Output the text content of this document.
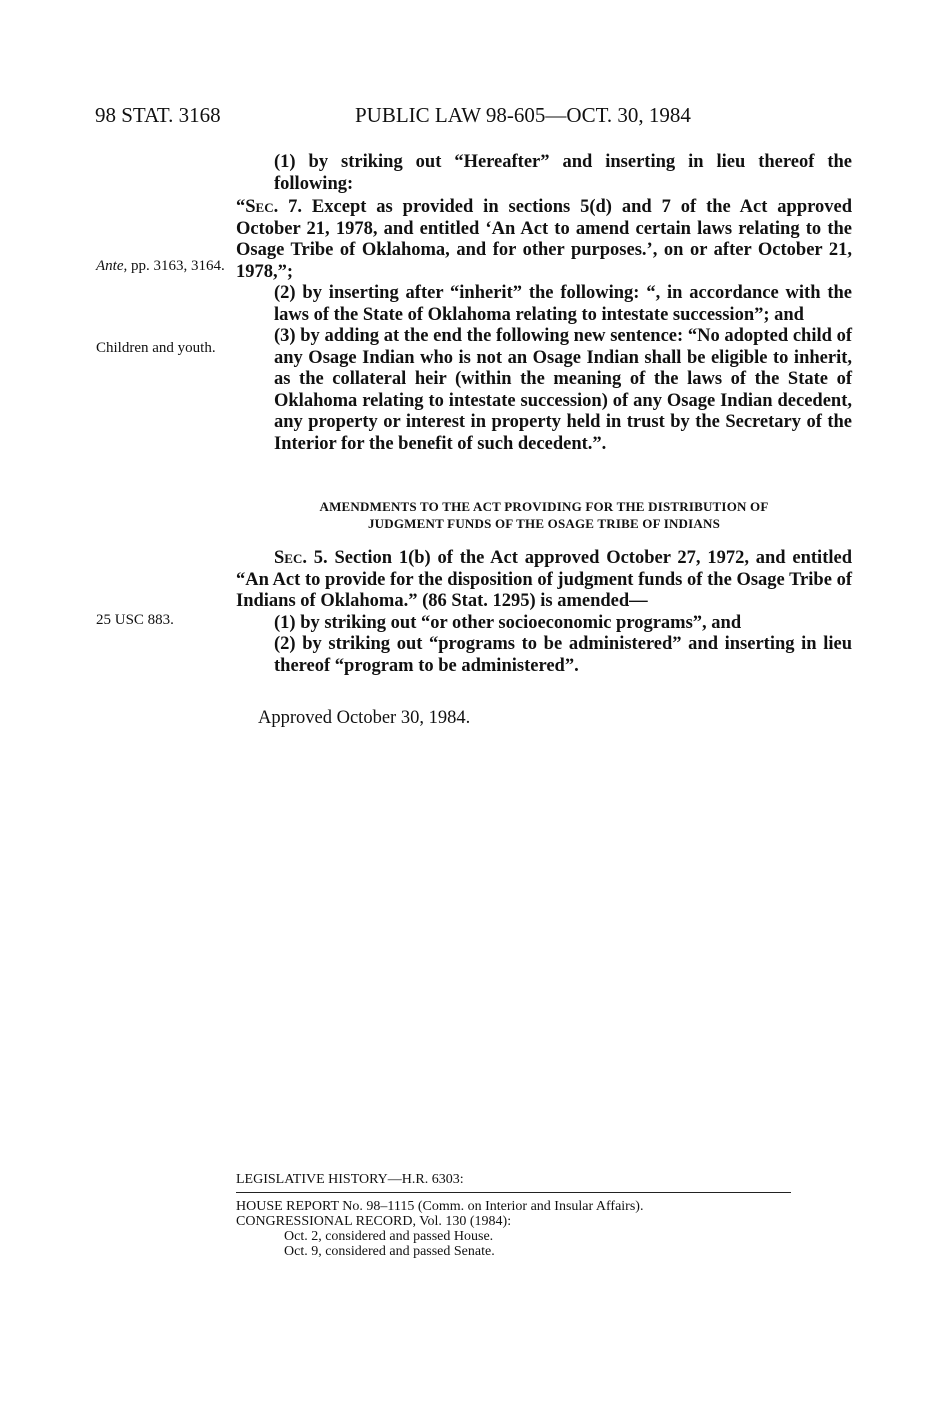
98 STAT. 3168	PUBLIC LAW 98-605—OCT. 30, 1984

(1) by striking out “Hereafter” and inserting in lieu thereof the following:

“Sec. 7. Except as provided in sections 5(d) and 7 of the Act approved October 21, 1978, and entitled ‘An Act to amend certain laws relating to the Osage Tribe of Oklahoma, and for other purposes.’, on or after October 21, 1978,”;

(2) by inserting after “inherit” the following: “, in accordance with the laws of the State of Oklahoma relating to intestate succession”; and

(3) by adding at the end the following new sentence: “No adopted child of any Osage Indian who is not an Osage Indian shall be eligible to inherit, as the collateral heir (within the meaning of the laws of the State of Oklahoma relating to intestate succession) of any Osage Indian decedent, any property or interest in property held in trust by the Secretary of the Interior for the benefit of such decedent.”.

Ante, pp. 3163, 3164.
Children and youth.
25 USC 883.
AMENDMENTS TO THE ACT PROVIDING FOR THE DISTRIBUTION OF
JUDGMENT FUNDS OF THE OSAGE TRIBE OF INDIANS

Sec. 5. Section 1(b) of the Act approved October 27, 1972, and entitled “An Act to provide for the disposition of judgment funds of the Osage Tribe of Indians of Oklahoma.” (86 Stat. 1295) is amended—

(1) by striking out “or other socioeconomic programs”, and

(2) by striking out “programs to be administered” and inserting in lieu thereof “program to be administered”.

Approved October 30, 1984.
LEGISLATIVE HISTORY—H.R. 6303:
HOUSE REPORT No. 98–1115 (Comm. on Interior and Insular Affairs).
CONGRESSIONAL RECORD, Vol. 130 (1984):
Oct. 2, considered and passed House.
Oct. 9, considered and passed Senate.
